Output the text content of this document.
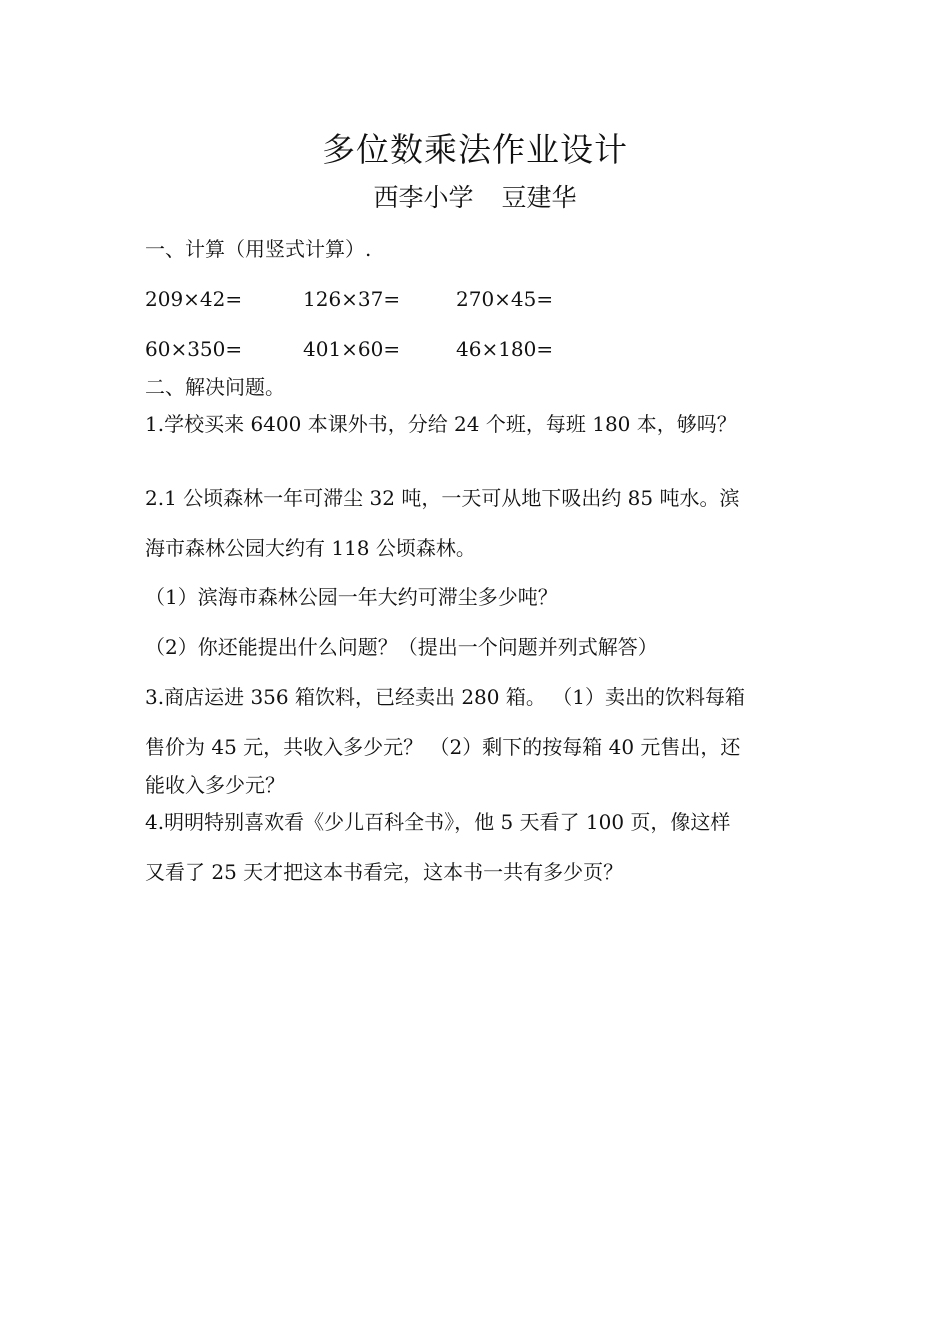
多位数乘法作业设计
西李小学 豆建华
一、计算（用竖式计算）.
209×42=	126×37=	270×45=
60×350=	401×60=	46×180=
二、解决问题。
1.学校买来 6400 本课外书，分给 24 个班，每班 180 本，够吗？
2.1 公顷森林一年可滞尘 32 吨，一天可从地下吸出约 85 吨水。滨
海市森林公园大约有 118 公顷森林。
（1）滨海市森林公园一年大约可滞尘多少吨？
（2）你还能提出什么问题？（提出一个问题并列式解答）
3.商店运进 356 箱饮料，已经卖出 280 箱。 （1）卖出的饮料每箱
售价为 45 元，共收入多少元？ （2）剩下的按每箱 40 元售出，还
能收入多少元？
4.明明特别喜欢看《少儿百科全书》，他 5 天看了 100 页，像这样
又看了 25 天才把这本书看完，这本书一共有多少页？
